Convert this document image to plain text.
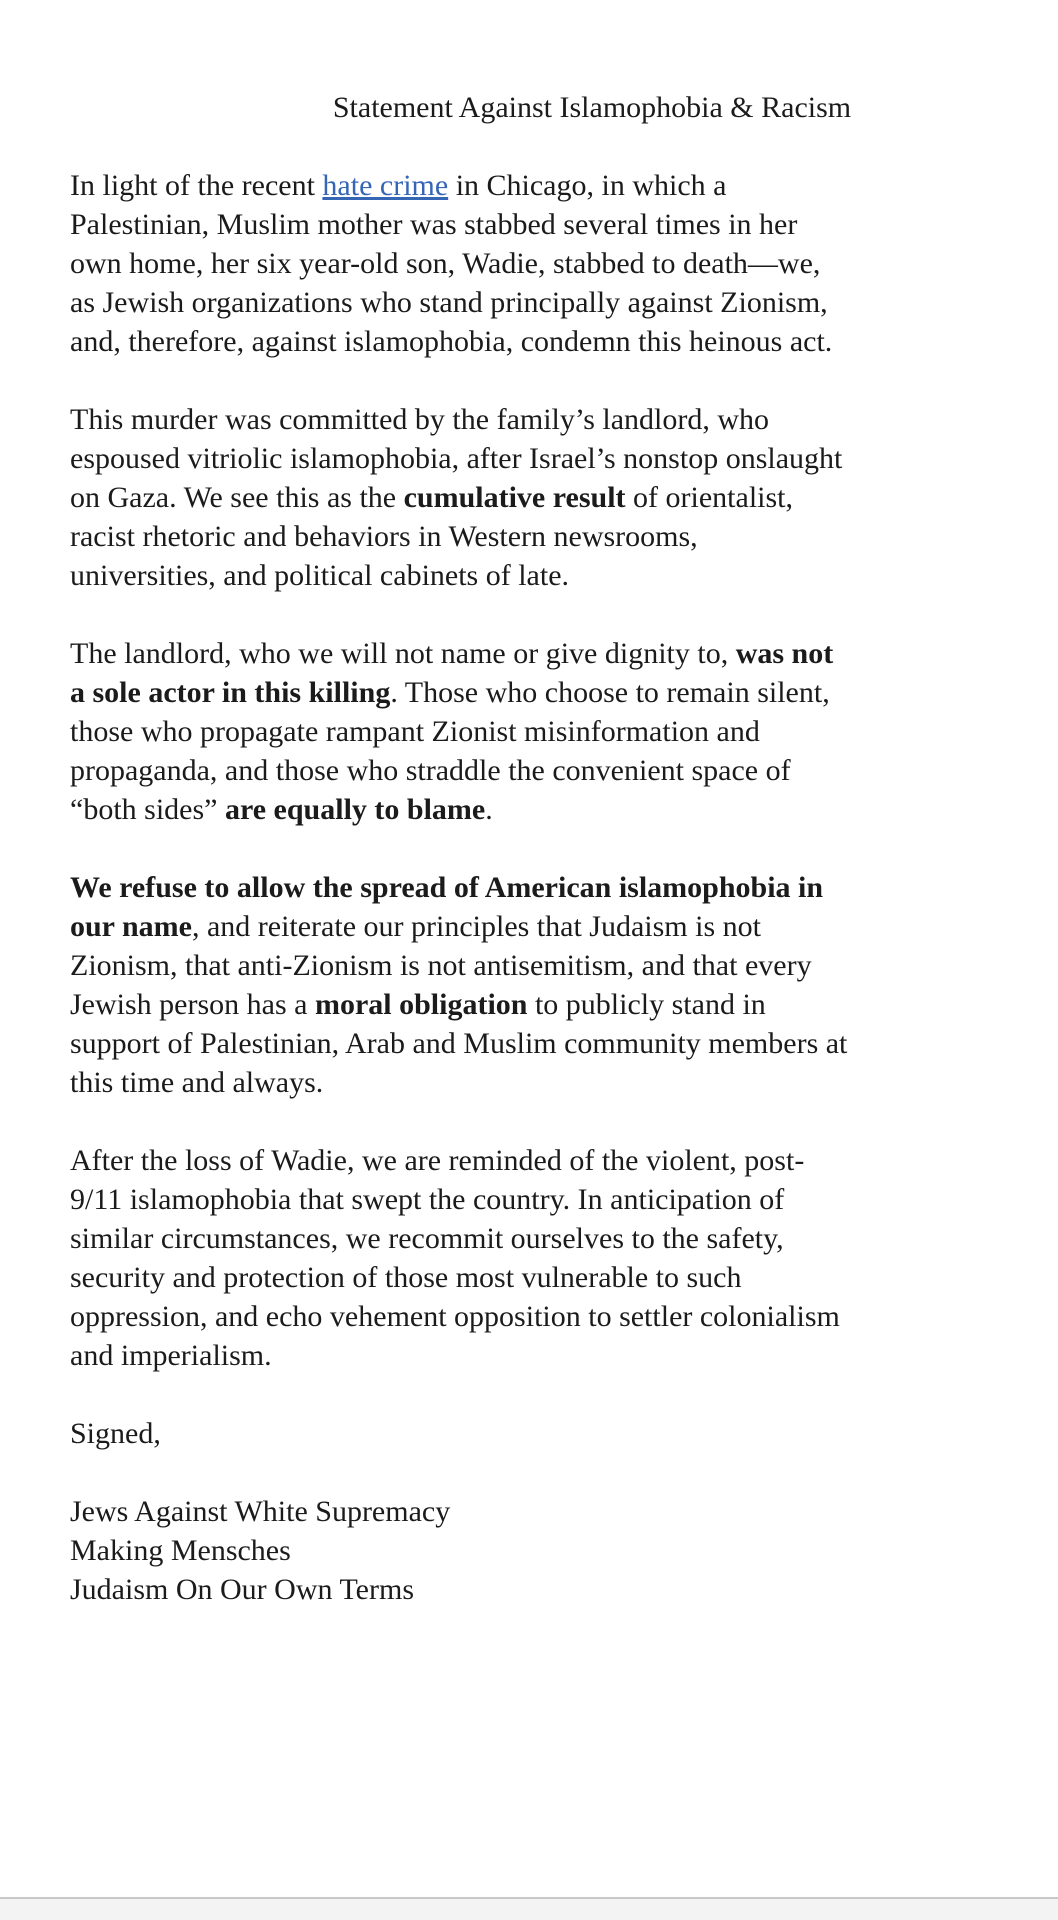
Statement Against Islamophobia & Racism
In light of the recent hate crime in Chicago, in which a
Palestinian, Muslim mother was stabbed several times in her
own home, her six year-old son, Wadie, stabbed to death—we,
as Jewish organizations who stand principally against Zionism,
and, therefore, against islamophobia, condemn this heinous act.
This murder was committed by the family’s landlord, who
espoused vitriolic islamophobia, after Israel’s nonstop onslaught
on Gaza. We see this as the cumulative result of orientalist,
racist rhetoric and behaviors in Western newsrooms,
universities, and political cabinets of late.
The landlord, who we will not name or give dignity to, was not
a sole actor in this killing. Those who choose to remain silent,
those who propagate rampant Zionist misinformation and
propaganda, and those who straddle the convenient space of
“both sides” are equally to blame.
We refuse to allow the spread of American islamophobia in
our name, and reiterate our principles that Judaism is not
Zionism, that anti-Zionism is not antisemitism, and that every
Jewish person has a moral obligation to publicly stand in
support of Palestinian, Arab and Muslim community members at
this time and always.
After the loss of Wadie, we are reminded of the violent, post-
9/11 islamophobia that swept the country. In anticipation of
similar circumstances, we recommit ourselves to the safety,
security and protection of those most vulnerable to such
oppression, and echo vehement opposition to settler colonialism
and imperialism.
Signed,
Jews Against White Supremacy
Making Mensches
Judaism On Our Own Terms
